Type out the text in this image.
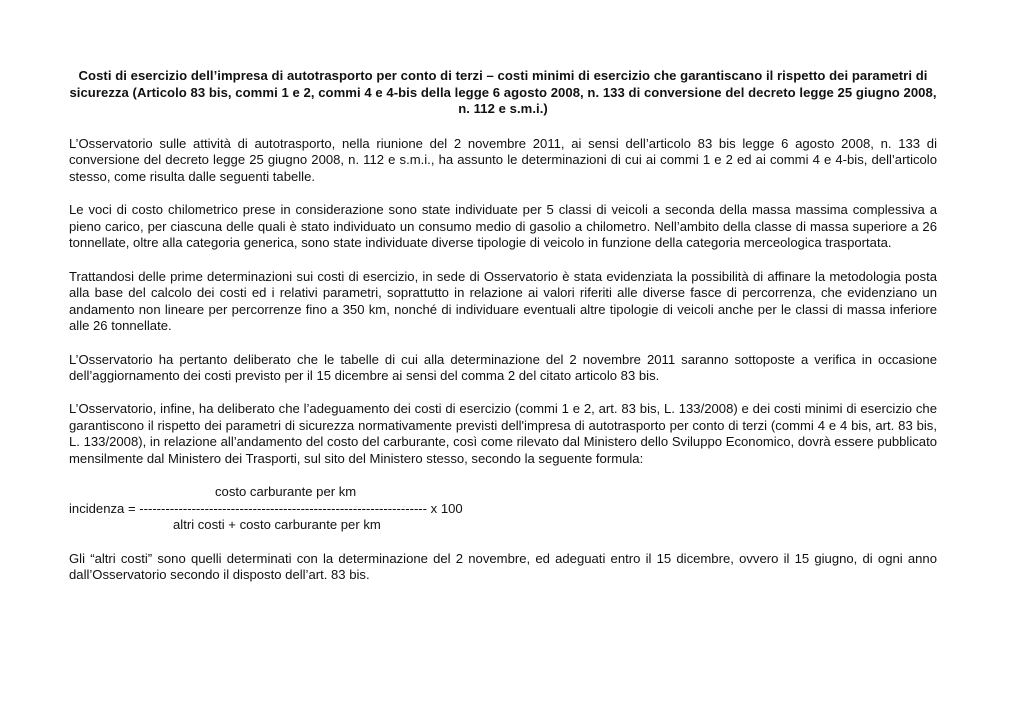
Costi di esercizio dell’impresa di autotrasporto per conto di terzi – costi minimi di esercizio che garantiscano il rispetto dei parametri di sicurezza (Articolo 83 bis, commi 1 e 2, commi 4 e 4-bis della legge 6 agosto 2008, n. 133 di conversione del decreto legge 25 giugno 2008, n. 112 e s.m.i.)
L’Osservatorio sulle attività di autotrasporto, nella riunione del 2 novembre 2011, ai sensi dell’articolo 83 bis legge 6 agosto 2008, n. 133 di conversione del decreto legge 25 giugno 2008, n. 112 e s.m.i., ha assunto le determinazioni di cui ai commi 1 e 2 ed ai commi 4 e 4-bis, dell’articolo stesso, come risulta dalle seguenti tabelle.
Le voci di costo chilometrico prese in considerazione sono state individuate per 5 classi di veicoli a seconda della massa massima complessiva a pieno carico, per ciascuna delle quali è stato individuato un consumo medio di gasolio a chilometro. Nell’ambito della classe di massa superiore a 26 tonnellate, oltre alla categoria generica, sono state individuate diverse tipologie di veicolo in funzione della categoria merceologica trasportata.
Trattandosi delle prime determinazioni sui costi di esercizio, in sede di Osservatorio è stata evidenziata la possibilità di affinare la metodologia posta alla base del calcolo dei costi ed i relativi parametri, soprattutto in relazione ai valori riferiti alle diverse fasce di percorrenza, che evidenziano un andamento non lineare per percorrenze fino a 350 km, nonché di individuare eventuali altre tipologie di veicoli anche per le classi di massa inferiore alle 26 tonnellate.
L’Osservatorio ha pertanto deliberato che le tabelle di cui alla determinazione del 2 novembre 2011 saranno sottoposte a verifica in occasione dell’aggiornamento dei costi previsto per il 15 dicembre ai sensi del comma 2 del citato articolo 83 bis.
L’Osservatorio, infine, ha deliberato che l’adeguamento dei costi di esercizio (commi 1 e 2, art. 83 bis, L. 133/2008) e dei costi minimi di esercizio che garantiscono il rispetto dei parametri di sicurezza normativamente previsti dell'impresa di autotrasporto per conto di terzi (commi 4 e 4 bis, art. 83 bis, L. 133/2008), in relazione all’andamento del costo del carburante, così come rilevato dal Ministero dello Sviluppo Economico, dovrà essere pubblicato mensilmente dal Ministero dei Trasporti, sul sito del Ministero stesso, secondo la seguente formula:
costo carburante per km
incidenza = ------------------------------------------------------------------ x 100
altri costi + costo carburante per km
Gli “altri costi” sono quelli determinati con la determinazione del 2 novembre, ed adeguati entro il 15 dicembre, ovvero il 15 giugno, di ogni anno dall’Osservatorio secondo il disposto dell’art. 83 bis.
